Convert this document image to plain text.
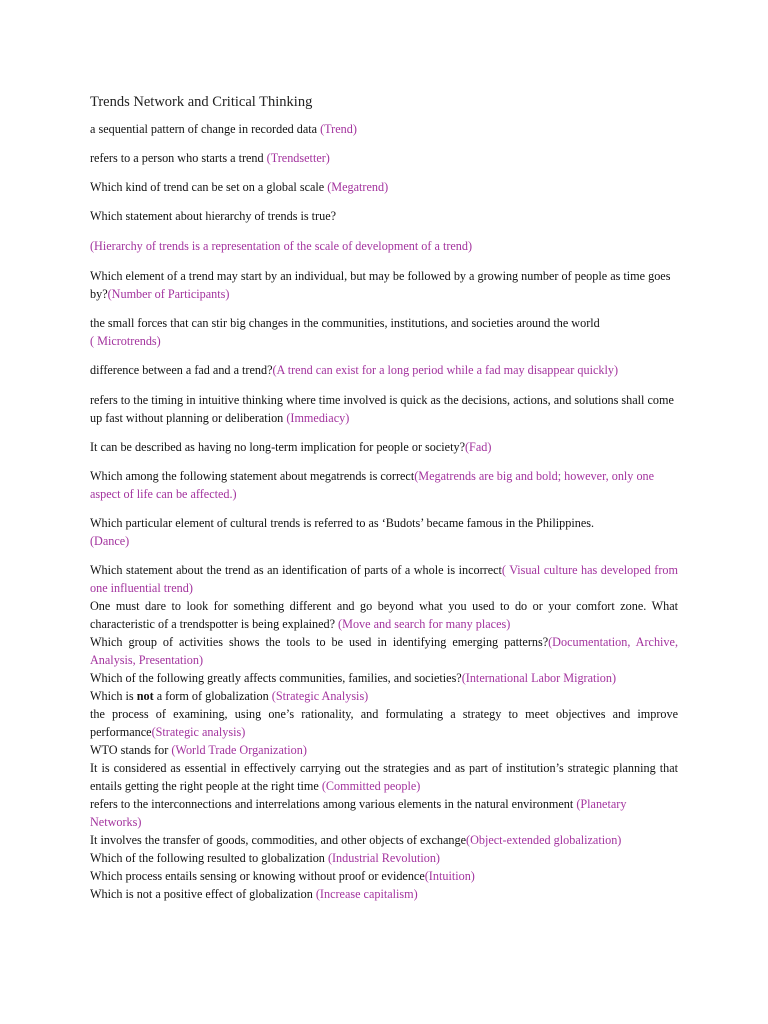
Trends Network and Critical Thinking

a sequential pattern of change in recorded data (Trend)

refers to a person who starts a trend (Trendsetter)

Which kind of trend can be set on a global scale (Megatrend)

Which statement about hierarchy of trends is true?

(Hierarchy of trends is a representation of the scale of development of a trend)

Which element of a trend may start by an individual, but may be followed by a growing number of people as time goes by?(Number of Participants)

the small forces that can stir big changes in the communities, institutions, and societies around the world
( Microtrends)

difference between a fad and a trend?(A trend can exist for a long period while a fad may disappear quickly)

refers to the timing in intuitive thinking where time involved is quick as the decisions, actions, and solutions shall come up fast without planning or deliberation (Immediacy)

It can be described as having no long-term implication for people or society?(Fad)

Which among the following statement about megatrends is correct(Megatrends are big and bold; however, only one aspect of life can be affected.)

Which particular element of cultural trends is referred to as ‘Budots’ became famous in the Philippines.
(Dance)

Which statement about the trend as an identification of parts of a whole is incorrect( Visual culture has developed from one influential trend)

One must dare to look for something different and go beyond what you used to do or your comfort zone. What characteristic of a trendspotter is being explained? (Move and search for many places)

Which group of activities shows the tools to be used in identifying emerging patterns?(Documentation, Archive, Analysis, Presentation)

Which of the following greatly affects communities, families, and societies?(International Labor Migration)

Which is not a form of globalization (Strategic Analysis)

the process of examining, using one’s rationality, and formulating a strategy to meet objectives and improve performance(Strategic analysis)

WTO stands for (World Trade Organization)

It is considered as essential in effectively carrying out the strategies and as part of institution’s strategic planning that entails getting the right people at the right time (Committed people)

refers to the interconnections and interrelations among various elements in the natural environment (Planetary Networks)

It involves the transfer of goods, commodities, and other objects of exchange(Object-extended globalization)

Which of the following resulted to globalization (Industrial Revolution)

Which process entails sensing or knowing without proof or evidence(Intuition)

Which is not a positive effect of globalization (Increase capitalism)
